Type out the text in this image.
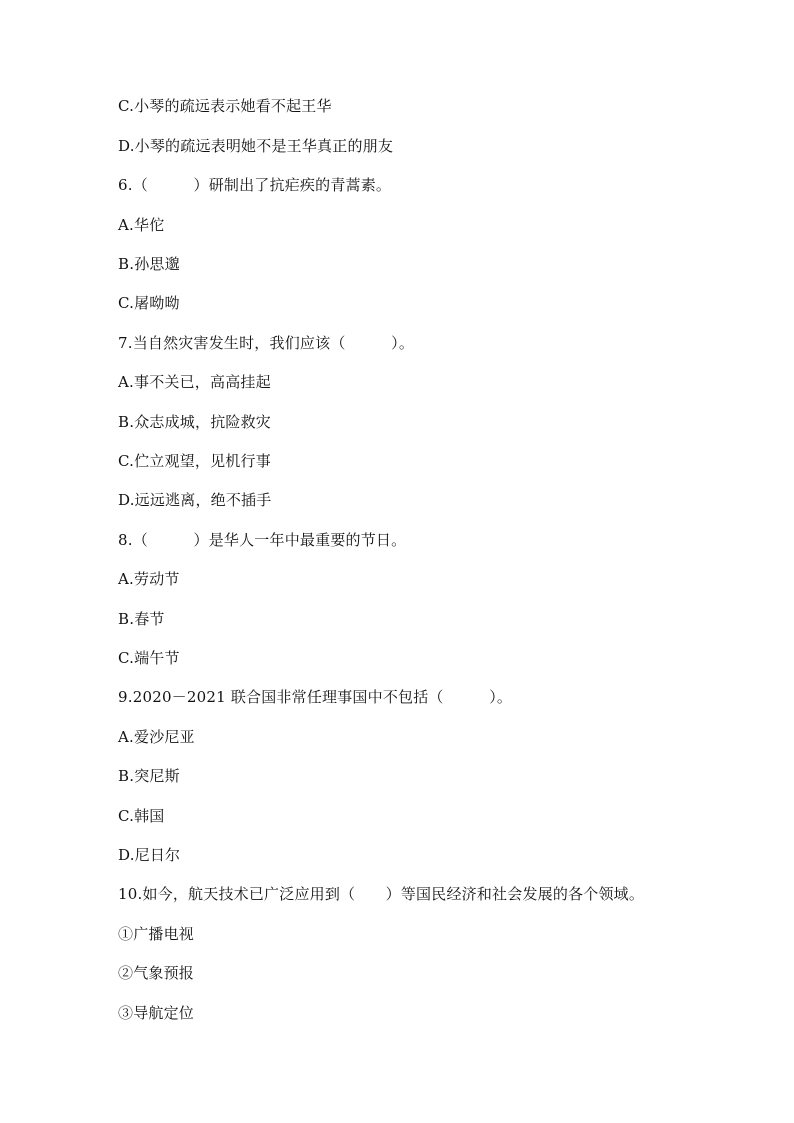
C.小琴的疏远表示她看不起王华
D.小琴的疏远表明她不是王华真正的朋友
6.（　　　）研制出了抗疟疾的青蒿素。
A.华佗
B.孙思邈
C.屠呦呦
7.当自然灾害发生时，我们应该（　　　）。
A.事不关已，高高挂起
B.众志成城，抗险救灾
C.伫立观望，见机行事
D.远远逃离，绝不插手
8.（　　　）是华人一年中最重要的节日。
A.劳动节
B.春节
C.端午节
9.2020－2021 联合国非常任理事国中不包括（　　　）。
A.爱沙尼亚
B.突尼斯
C.韩国
D.尼日尔
10.如今，航天技术已广泛应用到（　　）等国民经济和社会发展的各个领域。
①广播电视
②气象预报
③导航定位
